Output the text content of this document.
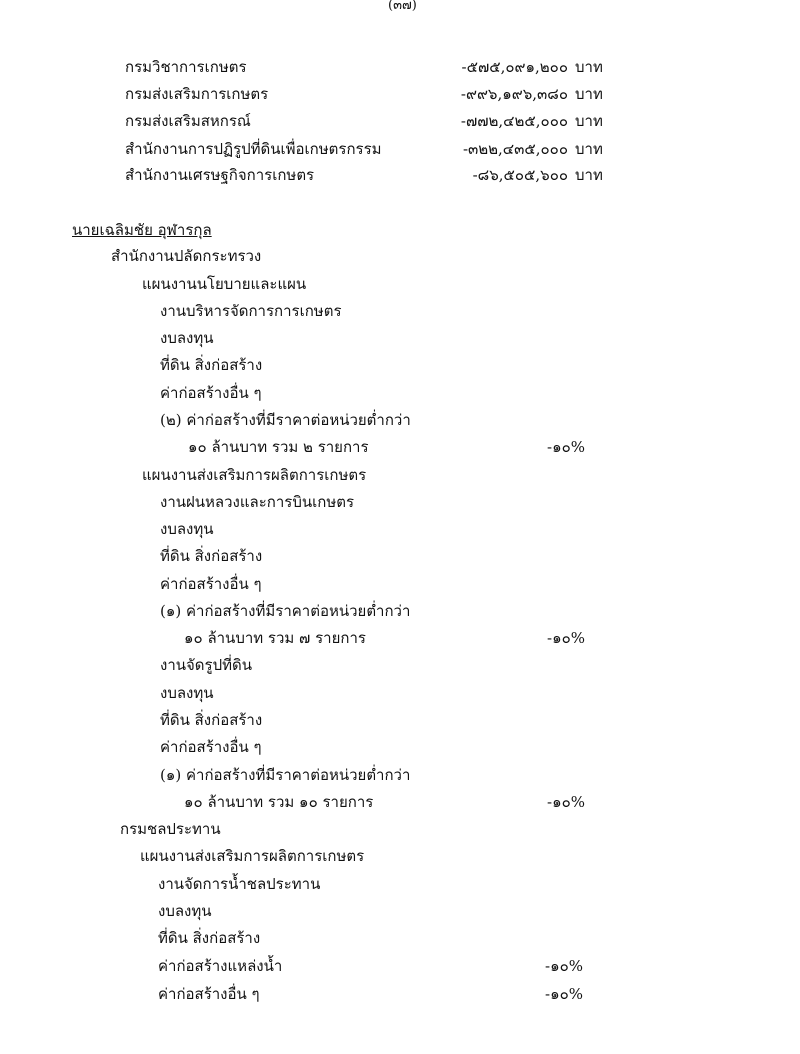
(๓๗)
กรมวิชาการเกษตร	-๕๗๕,๐๙๑,๒๐๐ บาท
กรมส่งเสริมการเกษตร	-๙๙๖,๑๙๖,๓๘๐ บาท
กรมส่งเสริมสหกรณ์	-๗๗๒,๔๒๕,๐๐๐ บาท
สำนักงานการปฏิรูปที่ดินเพื่อเกษตรกรรม	-๓๒๒,๔๓๕,๐๐๐ บาท
สำนักงานเศรษฐกิจการเกษตร	-๘๖,๕๐๕,๖๐๐ บาท
นายเฉลิมชัย อุฬารกุล
สำนักงานปลัดกระทรวง
แผนงานนโยบายและแผน
งานบริหารจัดการการเกษตร
งบลงทุน
ที่ดิน สิ่งก่อสร้าง
ค่าก่อสร้างอื่น ๆ
(๒) ค่าก่อสร้างที่มีราคาต่อหน่วยต่ำกว่า
๑๐ ล้านบาท รวม ๒ รายการ	-๑๐%
แผนงานส่งเสริมการผลิตการเกษตร
งานฝนหลวงและการบินเกษตร
งบลงทุน
ที่ดิน สิ่งก่อสร้าง
ค่าก่อสร้างอื่น ๆ
(๑) ค่าก่อสร้างที่มีราคาต่อหน่วยต่ำกว่า
๑๐ ล้านบาท รวม ๗ รายการ	-๑๐%
งานจัดรูปที่ดิน
งบลงทุน
ที่ดิน สิ่งก่อสร้าง
ค่าก่อสร้างอื่น ๆ
(๑) ค่าก่อสร้างที่มีราคาต่อหน่วยต่ำกว่า
๑๐ ล้านบาท รวม ๑๐ รายการ	-๑๐%
กรมชลประทาน
แผนงานส่งเสริมการผลิตการเกษตร
งานจัดการน้ำชลประทาน
งบลงทุน
ที่ดิน สิ่งก่อสร้าง
ค่าก่อสร้างแหล่งน้ำ	-๑๐%
ค่าก่อสร้างอื่น ๆ	-๑๐%
